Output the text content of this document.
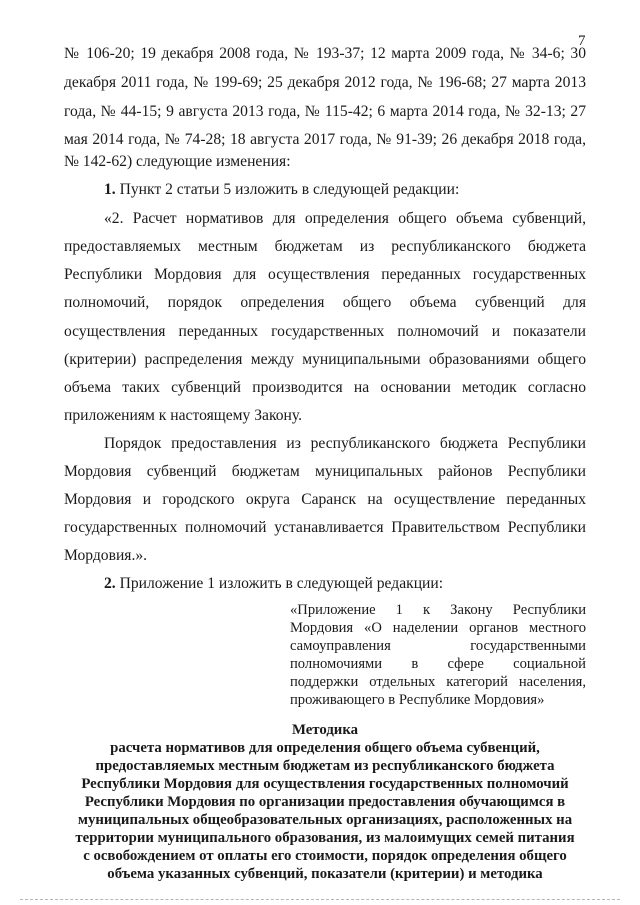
7
№ 106-20; 19 декабря 2008 года, № 193-37; 12 марта 2009 года, № 34-6; 30
декабря 2011 года, № 199-69; 25 декабря 2012 года, № 196-68; 27 марта 2013
года, № 44-15; 9 августа 2013 года, № 115-42; 6 марта 2014 года, № 32-13; 27
мая 2014 года, № 74-28; 18 августа 2017 года, № 91-39; 26 декабря 2018 года,
№ 142-62) следующие изменения:
1. Пункт 2 статьи 5 изложить в следующей редакции:
«2. Расчет нормативов для определения общего объема субвенций,
предоставляемых местным бюджетам из республиканского бюджета
Республики Мордовия для осуществления переданных государственных
полномочий, порядок определения общего объема субвенций для
осуществления переданных государственных полномочий и показатели
(критерии) распределения между муниципальными образованиями общего
объема таких субвенций производится на основании методик согласно
приложениям к настоящему Закону.
Порядок предоставления из республиканского бюджета Республики
Мордовия субвенций бюджетам муниципальных районов Республики
Мордовия и городского округа Саранск на осуществление переданных
государственных полномочий устанавливается Правительством Республики
Мордовия.».
2. Приложение 1 изложить в следующей редакции:
«Приложение 1 к Закону Республики
Мордовия «О наделении органов местного
самоуправления государственными
полномочиями в сфере социальной
поддержки отдельных категорий населения,
проживающего в Республике Мордовия»
Методика
расчета нормативов для определения общего объема субвенций,
предоставляемых местным бюджетам из республиканского бюджета
Республики Мордовия для осуществления государственных полномочий
Республики Мордовия по организации предоставления обучающимся в
муниципальных общеобразовательных организациях, расположенных на
территории муниципального образования, из малоимущих семей питания
с освобождением от оплаты его стоимости, порядок определения общего
объема указанных субвенций, показатели (критерии) и методика
